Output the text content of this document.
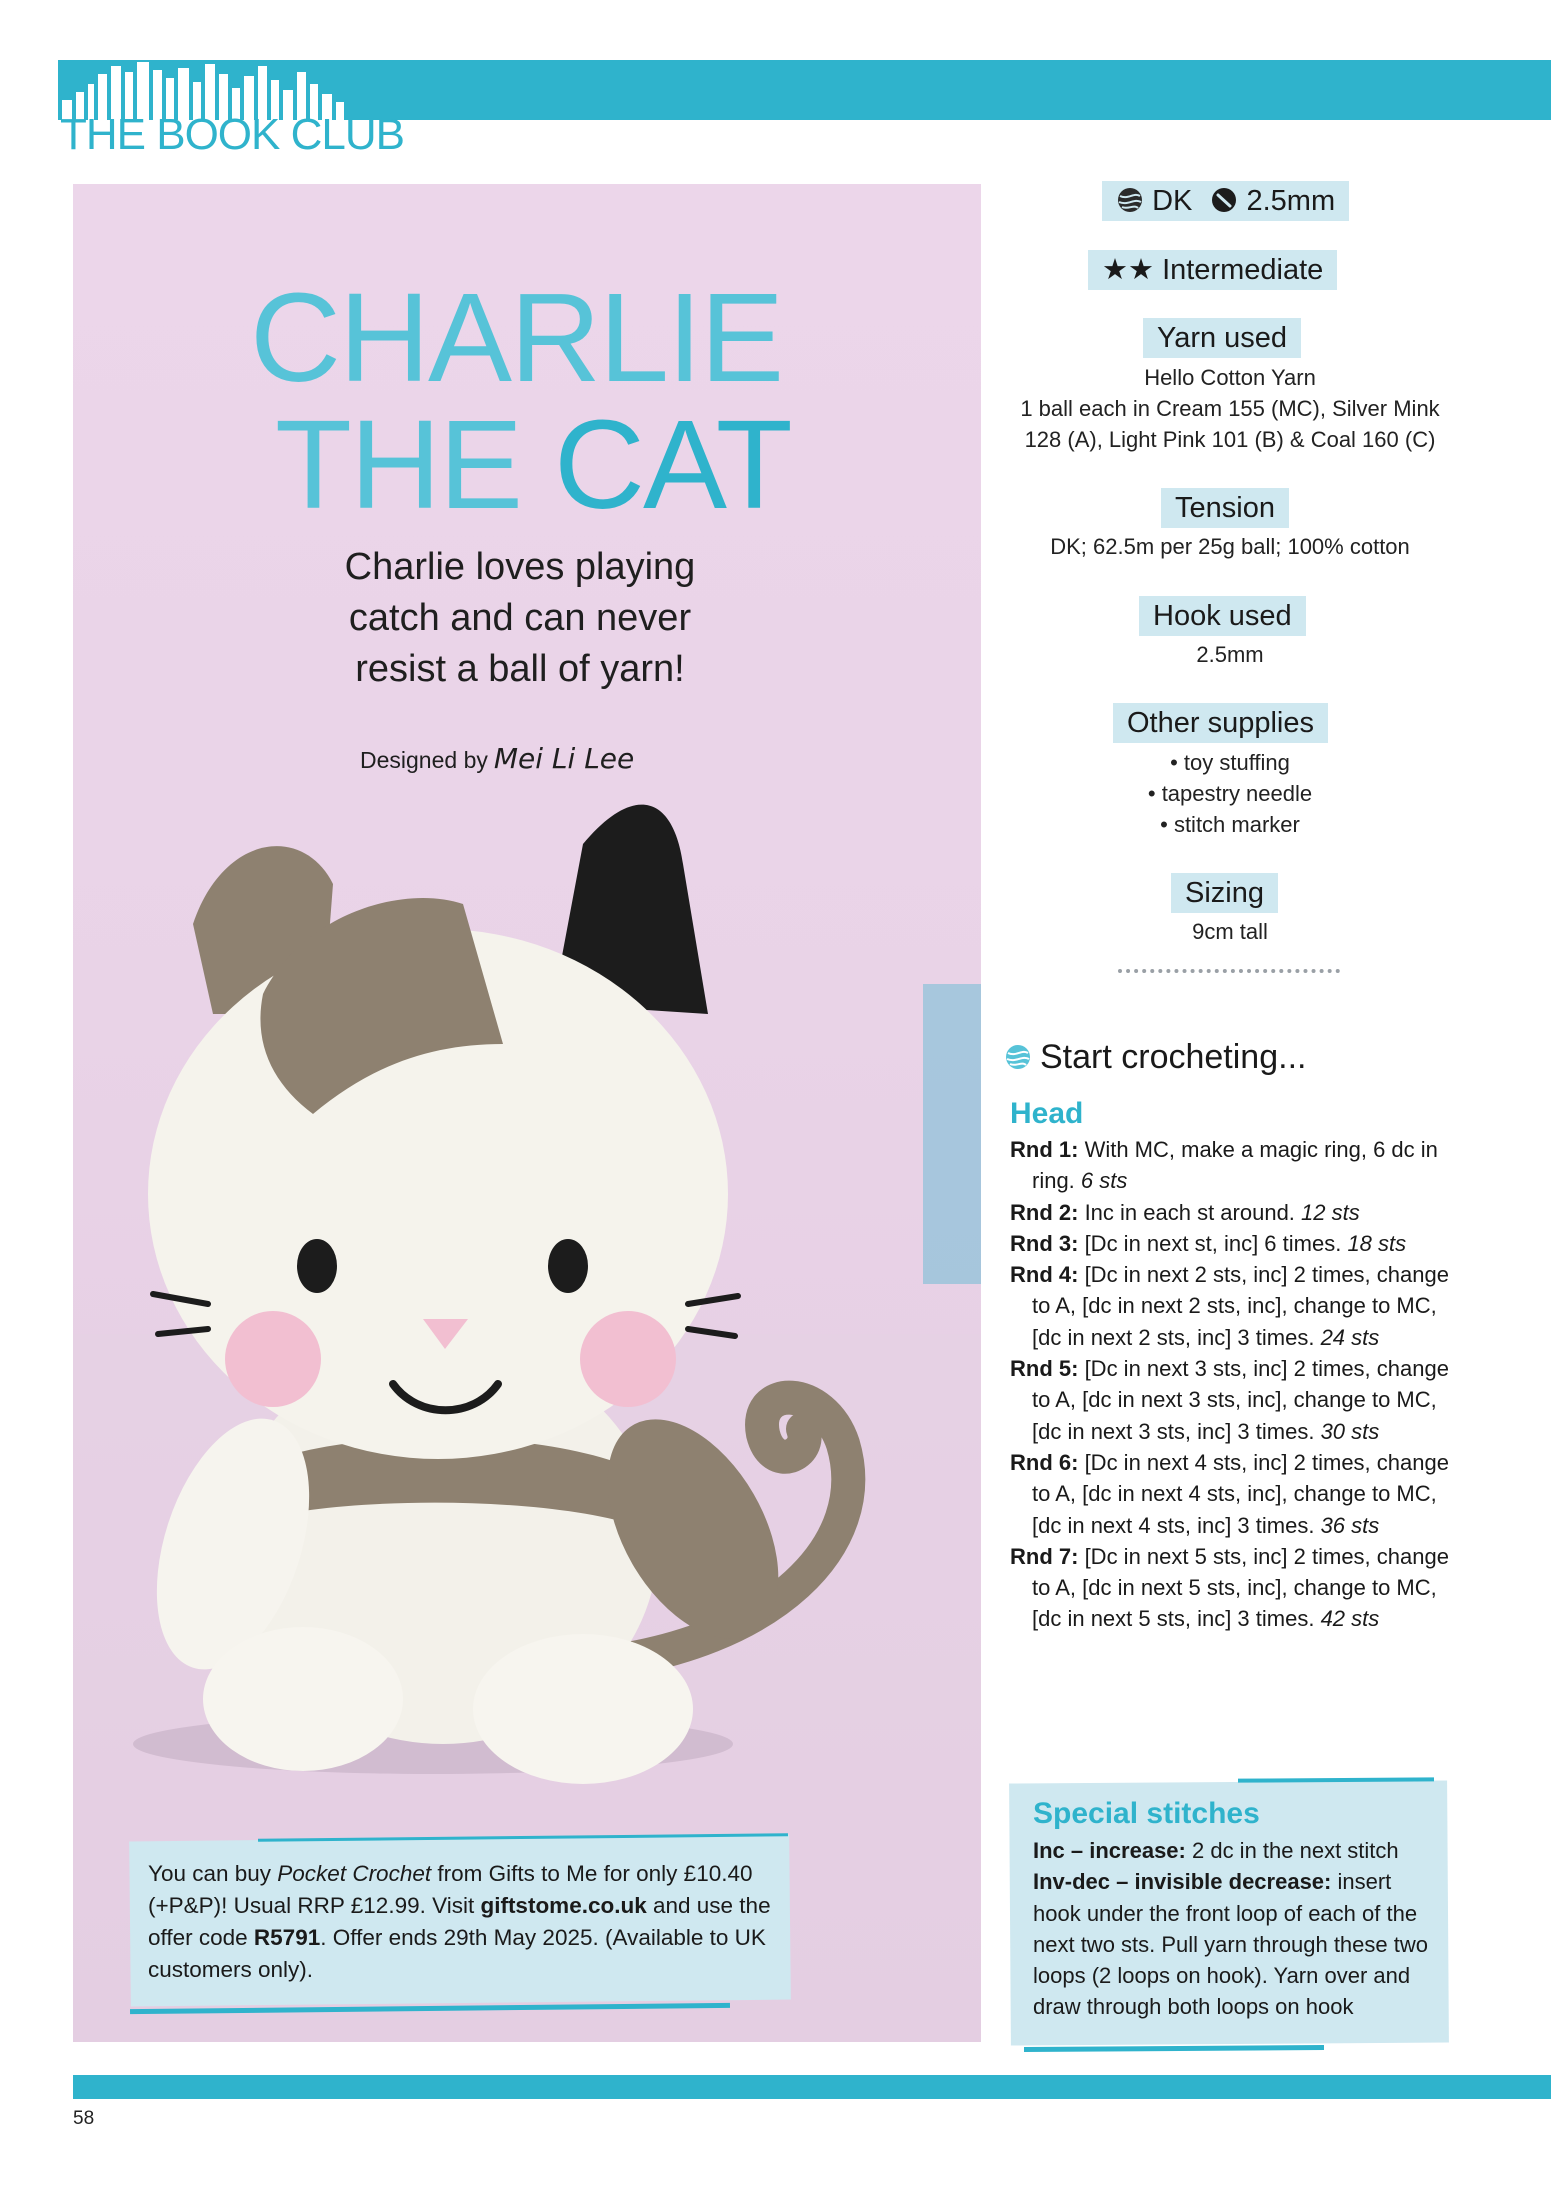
THE BOOK CLUB
CHARLIE
THE CAT
Charlie loves playing catch and can never resist a ball of yarn!
Designed by Mei Li Lee
You can buy Pocket Crochet from Gifts to Me for only £10.40 (+P&P)! Usual RRP £12.99. Visit giftstome.co.uk and use the offer code R5791. Offer ends 29th May 2025. (Available to UK customers only).
DK 2.5mm
★★ Intermediate
Yarn used
Hello Cotton Yarn
1 ball each in Cream 155 (MC), Silver Mink 128 (A), Light Pink 101 (B) & Coal 160 (C)
Tension
DK; 62.5m per 25g ball; 100% cotton
Hook used
2.5mm
Other supplies
• toy stuffing
• tapestry needle
• stitch marker
Sizing
9cm tall
Start crocheting...
Head
Rnd 1: With MC, make a magic ring, 6 dc in ring. 6 sts
Rnd 2: Inc in each st around. 12 sts
Rnd 3: [Dc in next st, inc] 6 times. 18 sts
Rnd 4: [Dc in next 2 sts, inc] 2 times, change to A, [dc in next 2 sts, inc], change to MC, [dc in next 2 sts, inc] 3 times. 24 sts
Rnd 5: [Dc in next 3 sts, inc] 2 times, change to A, [dc in next 3 sts, inc], change to MC, [dc in next 3 sts, inc] 3 times. 30 sts
Rnd 6: [Dc in next 4 sts, inc] 2 times, change to A, [dc in next 4 sts, inc], change to MC, [dc in next 4 sts, inc] 3 times. 36 sts
Rnd 7: [Dc in next 5 sts, inc] 2 times, change to A, [dc in next 5 sts, inc], change to MC, [dc in next 5 sts, inc] 3 times. 42 sts
Special stitches
Inc – increase: 2 dc in the next stitch
Inv-dec – invisible decrease: insert hook under the front loop of each of the next two sts. Pull yarn through these two loops (2 loops on hook). Yarn over and draw through both loops on hook
58
